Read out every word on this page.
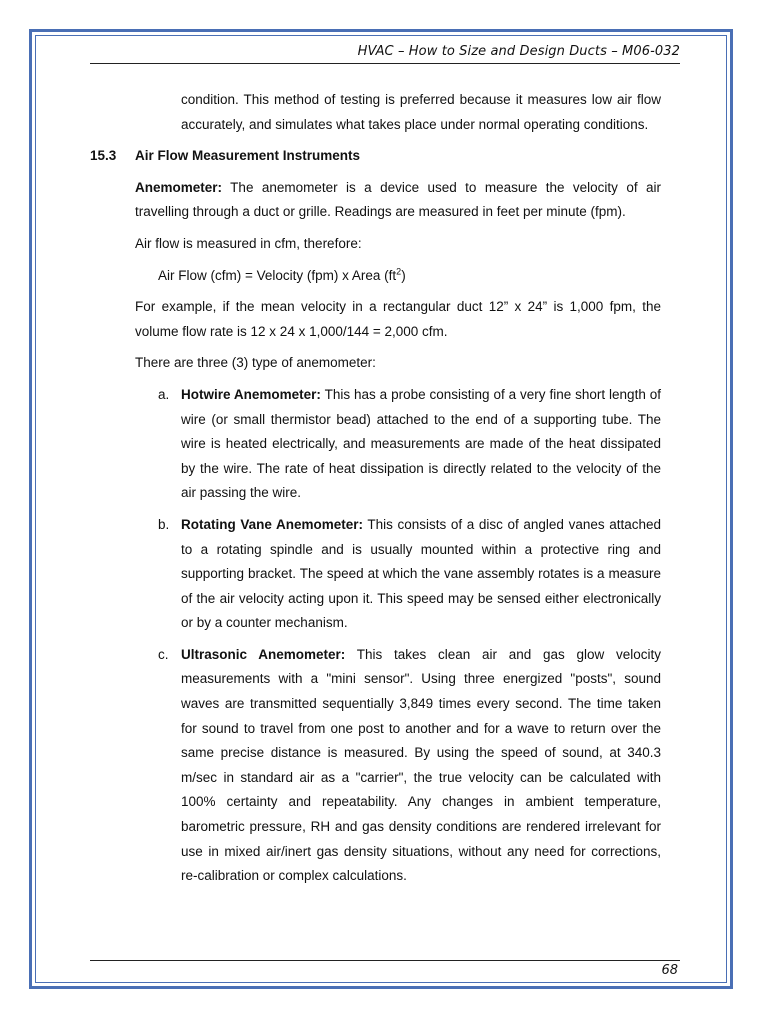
HVAC – How to Size and Design Ducts – M06-032

condition. This method of testing is preferred because it measures low air flow accurately, and simulates what takes place under normal operating conditions.

15.3	Air Flow Measurement Instruments

Anemometer: The anemometer is a device used to measure the velocity of air travelling through a duct or grille. Readings are measured in feet per minute (fpm).

Air flow is measured in cfm, therefore:

Air Flow (cfm) = Velocity (fpm) x Area $(ft^2)$

For example, if the mean velocity in a rectangular duct 12” x 24” is 1,000 fpm, the volume flow rate is 12 x 24 x 1,000/144 = 2,000 cfm.

There are three (3) type of anemometer:

a. Hotwire Anemometer: This has a probe consisting of a very fine short length of wire (or small thermistor bead) attached to the end of a supporting tube. The wire is heated electrically, and measurements are made of the heat dissipated by the wire. The rate of heat dissipation is directly related to the velocity of the air passing the wire.

b. Rotating Vane Anemometer: This consists of a disc of angled vanes attached to a rotating spindle and is usually mounted within a protective ring and supporting bracket. The speed at which the vane assembly rotates is a measure of the air velocity acting upon it. This speed may be sensed either electronically or by a counter mechanism.

c. Ultrasonic Anemometer: This takes clean air and gas glow velocity measurements with a "mini sensor". Using three energized "posts", sound waves are transmitted sequentially 3,849 times every second. The time taken for sound to travel from one post to another and for a wave to return over the same precise distance is measured. By using the speed of sound, at 340.3 m/sec in standard air as a "carrier", the true velocity can be calculated with 100% certainty and repeatability. Any changes in ambient temperature, barometric pressure, RH and gas density conditions are rendered irrelevant for use in mixed air/inert gas density situations, without any need for corrections, re-calibration or complex calculations.

68
